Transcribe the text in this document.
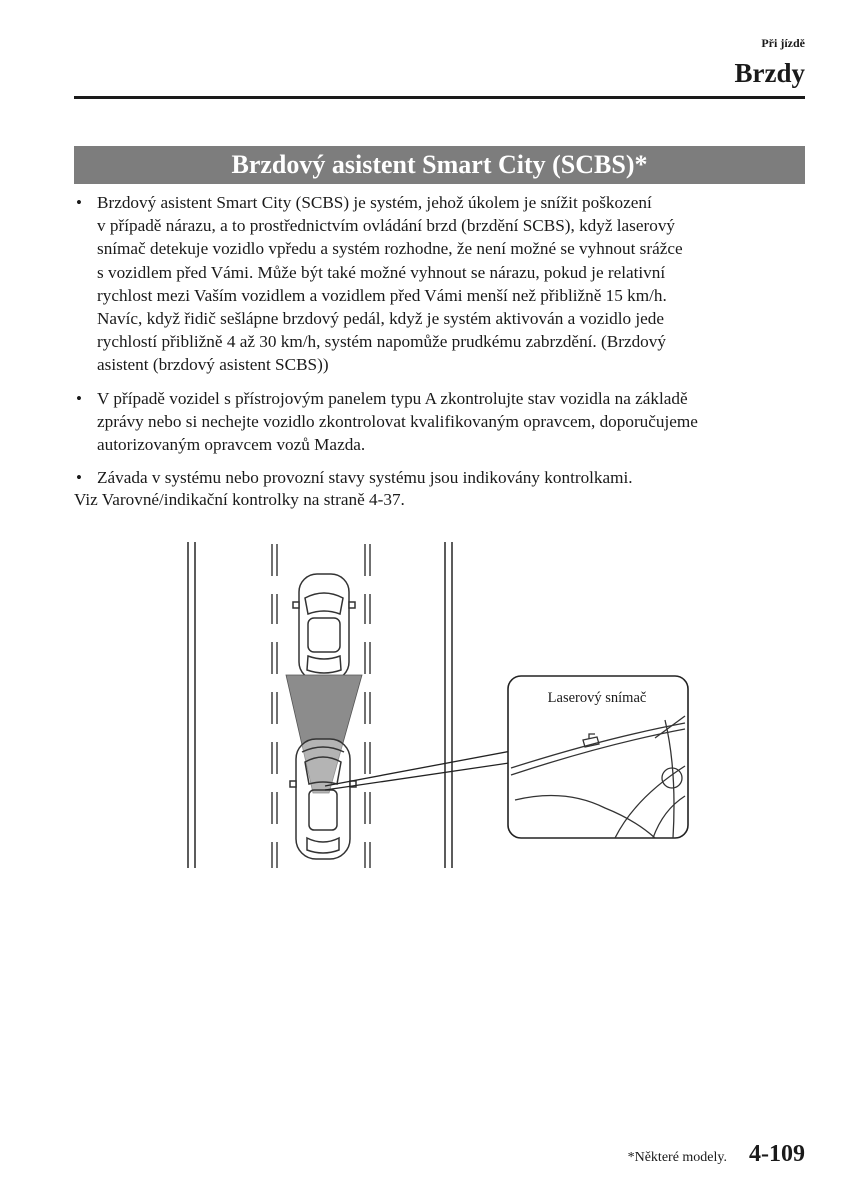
Při jízdě
Brzdy
Brzdový asistent Smart City (SCBS)*
• Brzdový asistent Smart City (SCBS) je systém, jehož úkolem je snížit poškození
v případě nárazu, a to prostřednictvím ovládání brzd (brzdění SCBS), když laserový
snímač detekuje vozidlo vpředu a systém rozhodne, že není možné se vyhnout srážce
s vozidlem před Vámi. Může být také možné vyhnout se nárazu, pokud je relativní
rychlost mezi Vaším vozidlem a vozidlem před Vámi menší než přibližně 15 km/h.
Navíc, když řidič sešlápne brzdový pedál, když je systém aktivován a vozidlo jede
rychlostí přibližně 4 až 30 km/h, systém napomůže prudkému zabrzdění. (Brzdový
asistent (brzdový asistent SCBS))
• V případě vozidel s přístrojovým panelem typu A zkontrolujte stav vozidla na základě
zprávy nebo si nechejte vozidlo zkontrolovat kvalifikovaným opravcem, doporučujeme
autorizovaným opravcem vozů Mazda.
• Závada v systému nebo provozní stavy systému jsou indikovány kontrolkami.
Viz Varovné/indikační kontrolky na straně 4-37.
Laserový snímač
*Některé modely. 4-109
